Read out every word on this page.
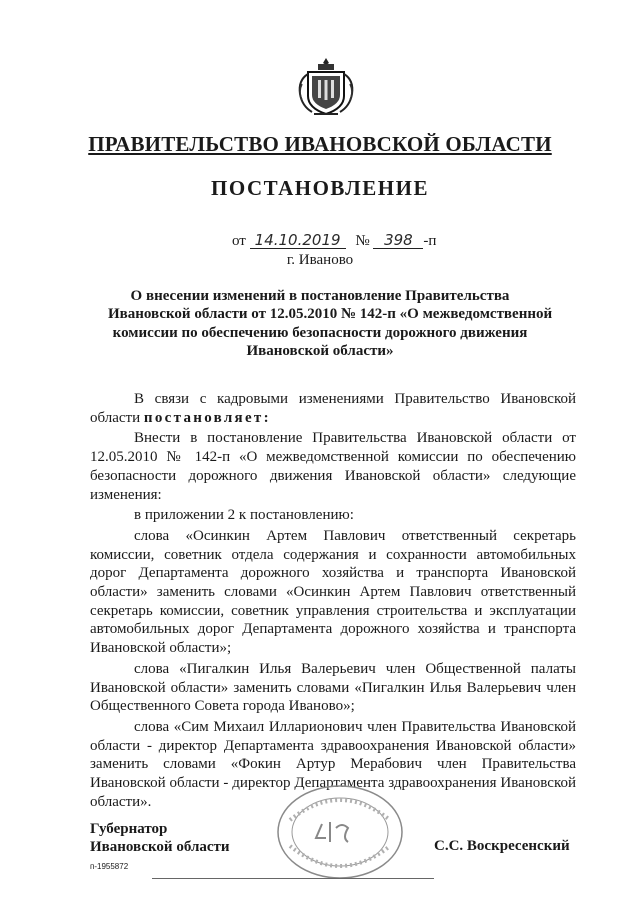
ПРАВИТЕЛЬСТВО ИВАНОВСКОЙ ОБЛАСТИ
ПОСТАНОВЛЕНИЕ
от 14.10.2019 № 398 -п
г. Иваново
О внесении изменений в постановление Правительства
Ивановской области от 12.05.2010 № 142-п «О межведомственной
комиссии по обеспечению безопасности дорожного движения
Ивановской области»

В связи с кадровыми изменениями Правительство Ивановской области постановляет:

Внести в постановление Правительства Ивановской области от 12.05.2010 № 142-п «О межведомственной комиссии по обеспечению безопасности дорожного движения Ивановской области» следующие изменения:

в приложении 2 к постановлению:

слова «Осинкин Артем Павлович ответственный секретарь комиссии, советник отдела содержания и сохранности автомобильных дорог Департамента дорожного хозяйства и транспорта Ивановской области» заменить словами «Осинкин Артем Павлович ответственный секретарь комиссии, советник управления строительства и эксплуатации автомобильных дорог Департамента дорожного хозяйства и транспорта Ивановской области»;

слова «Пигалкин Илья Валерьевич член Общественной палаты Ивановской области» заменить словами «Пигалкин Илья Валерьевич член Общественного Совета города Иваново»;

слова «Сим Михаил Илларионович член Правительства Ивановской области - директор Департамента здравоохранения Ивановской области» заменить словами «Фокин Артур Мерабович член Правительства Ивановской области - директор Департамента здравоохранения Ивановской области».

Губернатор
Ивановской области	С.С. Воскресенский
п-1955872
